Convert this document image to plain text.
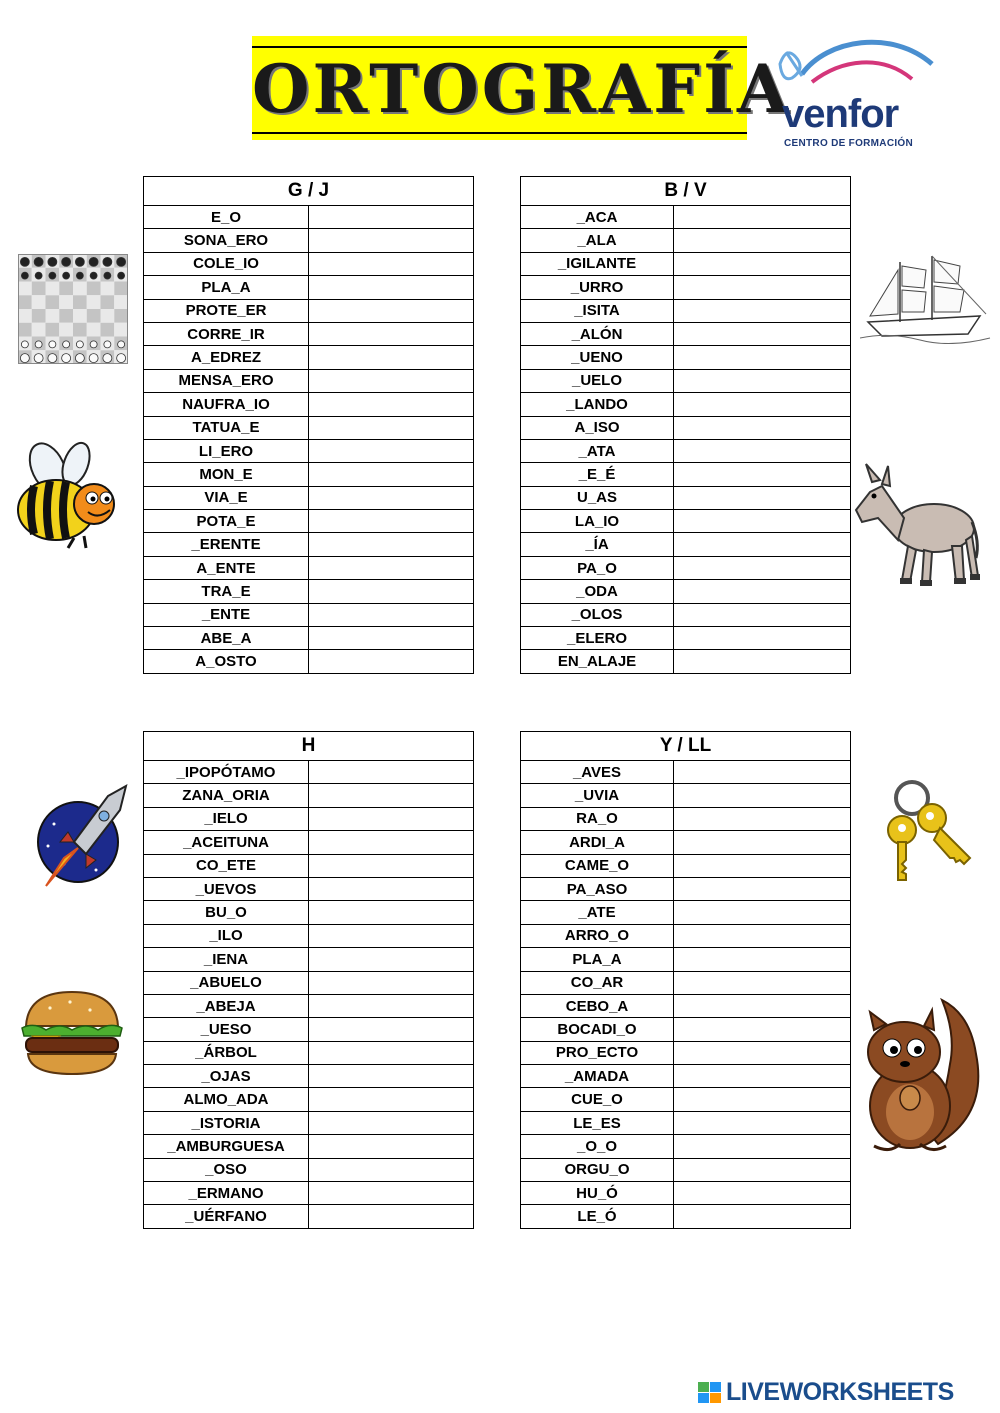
ORTOGRAFÍA
venfor
CENTRO DE FORMACIÓN
G / J	
E_O	
SONA_ERO	
COLE_IO	
PLA_A	
PROTE_ER	
CORRE_IR	
A_EDREZ	
MENSA_ERO	
NAUFRA_IO	
TATUA_E	
LI_ERO	
MON_E	
VIA_E	
POTA_E	
_ERENTE	
A_ENTE	
TRA_E	
_ENTE	
ABE_A	
A_OSTO	
B / V	
_ACA	
_ALA	
_IGILANTE	
_URRO	
_ISITA	
_ALÓN	
_UENO	
_UELO	
_LANDO	
A_ISO	
_ATA	
_E_É	
U_AS	
LA_IO	
_ÍA	
PA_O	
_ODA	
_OLOS	
_ELERO	
EN_ALAJE	
H	
_IPOPÓTAMO	
ZANA_ORIA	
_IELO	
_ACEITUNA	
CO_ETE	
_UEVOS	
BU_O	
_ILO	
_IENA	
_ABUELO	
_ABEJA	
_UESO	
_ÁRBOL	
_OJAS	
ALMO_ADA	
_ISTORIA	
_AMBURGUESA	
_OSO	
_ERMANO	
_UÉRFANO	
Y / LL	
_AVES	
_UVIA	
RA_O	
ARDI_A	
CAME_O	
PA_ASO	
_ATE	
ARRO_O	
PLA_A	
CO_AR	
CEBO_A	
BOCADI_O	
PRO_ECTO	
_AMADA	
CUE_O	
LE_ES	
_O_O	
ORGU_O	
HU_Ó	
LE_Ó	
LIVEWORKSHEETS
